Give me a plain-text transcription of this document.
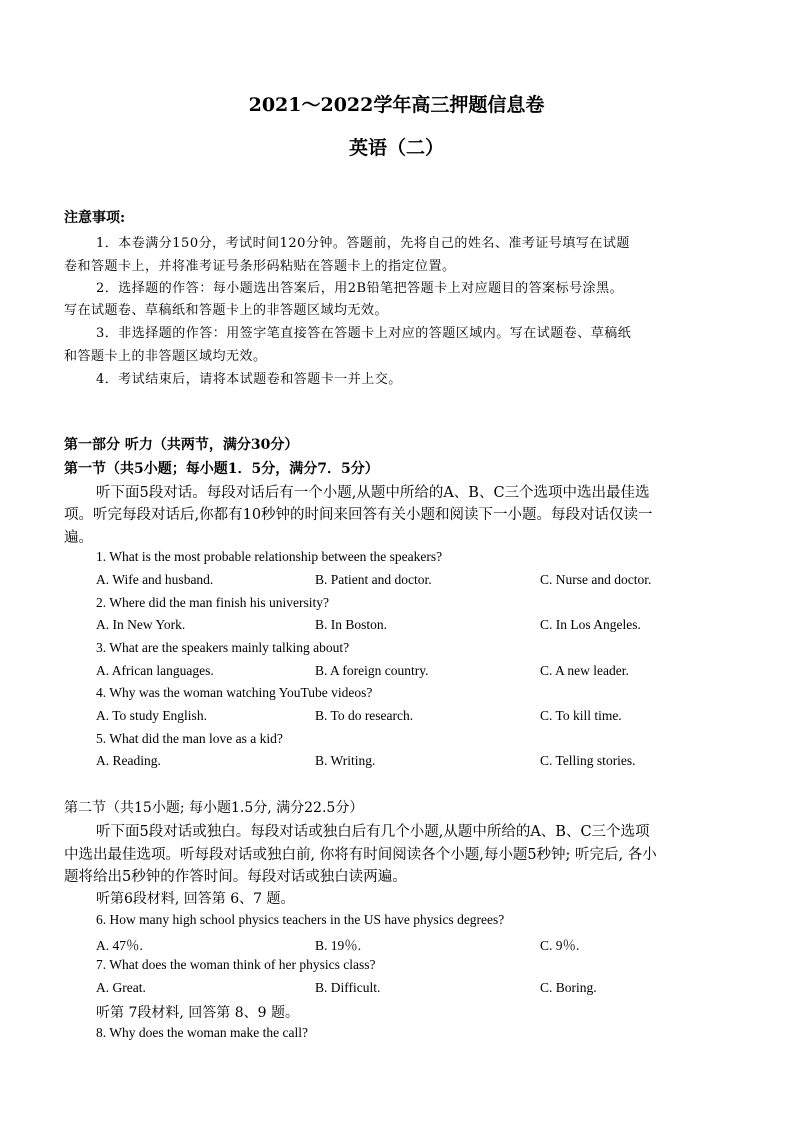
2021～2022学年高三押题信息卷
英语（二）
注意事项:
1．本卷满分150分，考试时间120分钟。答题前，先将自己的姓名、准考证号填写在试题
卷和答题卡上，并将准考证号条形码粘贴在答题卡上的指定位置。
2．选择题的作答：每小题选出答案后，用2B铅笔把答题卡上对应题目的答案标号涂黑。
写在试题卷、草稿纸和答题卡上的非答题区域均无效。
3．非选择题的作答：用签字笔直接答在答题卡上对应的答题区域内。写在试题卷、草稿纸
和答题卡上的非答题区域均无效。
4．考试结束后，请将本试题卷和答题卡一并上交。
第一部分 听力（共两节，满分30分）
第一节（共5小题；每小题1．5分，满分7．5分）
听下面5段对话。每段对话后有一个小题,从题中所给的A、B、C三个选项中选出最佳选
项。听完每段对话后,你都有10秒钟的时间来回答有关小题和阅读下一小题。每段对话仅读一
遍。
1. What is the most probable relationship between the speakers?
A. Wife and husband.	B. Patient and doctor.	C. Nurse and doctor.
2. Where did the man finish his university?
A. In New York.	B. In Boston.	C. In Los Angeles.
3. What are the speakers mainly talking about?
A. African languages.	B. A foreign country.	C. A new leader.
4. Why was the woman watching YouTube videos?
A. To study English.	B. To do research.	C. To kill time.
5. What did the man love as a kid?
A. Reading.	B. Writing.	C. Telling stories.
第二节（共15小题; 每小题1.5分, 满分22.5分）
听下面5段对话或独白。每段对话或独白后有几个小题,从题中所给的A、B、C三个选项
中选出最佳选项。听每段对话或独白前, 你将有时间阅读各个小题,每小题5秒钟; 听完后, 各小
题将给出5秒钟的作答时间。每段对话或独白读两遍。
听第6段材料, 回答第 6、7 题。
6. How many high school physics teachers in the US have physics degrees?
A. 47％.	B. 19％.	C. 9％.
7. What does the woman think of her physics class?
A. Great.	B. Difficult.	C. Boring.
听第 7段材料, 回答第 8、9 题。
8. Why does the woman make the call?
